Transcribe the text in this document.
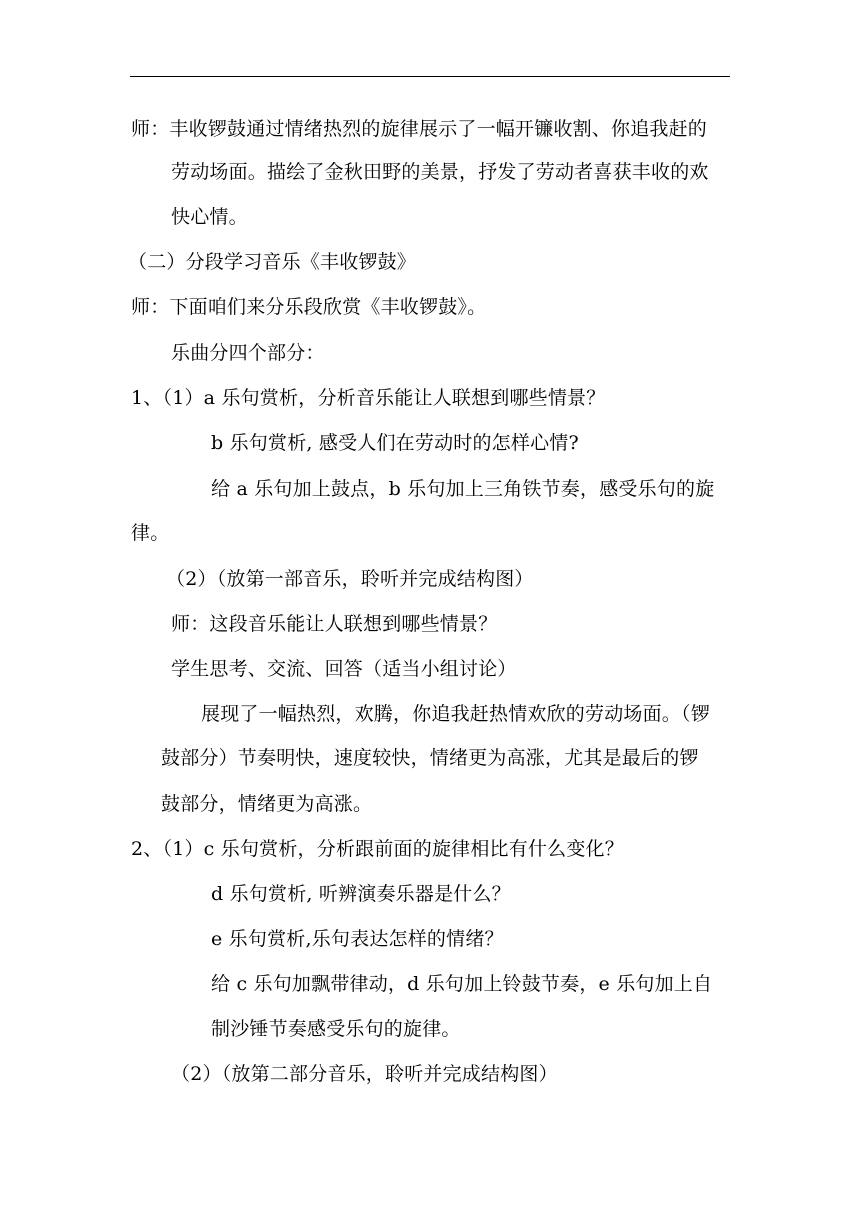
师：丰收锣鼓通过情绪热烈的旋律展示了一幅开镰收割、你追我赶的
劳动场面。描绘了金秋田野的美景，抒发了劳动者喜获丰收的欢
快心情。
（二）分段学习音乐《丰收锣鼓》
师：下面咱们来分乐段欣赏《丰收锣鼓》。
乐曲分四个部分：
1、（1）a 乐句赏析，分析音乐能让人联想到哪些情景？
b 乐句赏析, 感受人们在劳动时的怎样心情?
给 a 乐句加上鼓点，b 乐句加上三角铁节奏，感受乐句的旋
律。
（2）（放第一部音乐，聆听并完成结构图）
师：这段音乐能让人联想到哪些情景？
学生思考、交流、回答（适当小组讨论）
展现了一幅热烈，欢腾，你追我赶热情欢欣的劳动场面。（锣
鼓部分）节奏明快，速度较快，情绪更为高涨，尤其是最后的锣
鼓部分，情绪更为高涨。
2、（1）c 乐句赏析，分析跟前面的旋律相比有什么变化？
d 乐句赏析, 听辨演奏乐器是什么？
e 乐句赏析,乐句表达怎样的情绪？
给 c 乐句加飘带律动，d 乐句加上铃鼓节奏，e 乐句加上自
制沙锤节奏感受乐句的旋律。
（2）（放第二部分音乐，聆听并完成结构图）
